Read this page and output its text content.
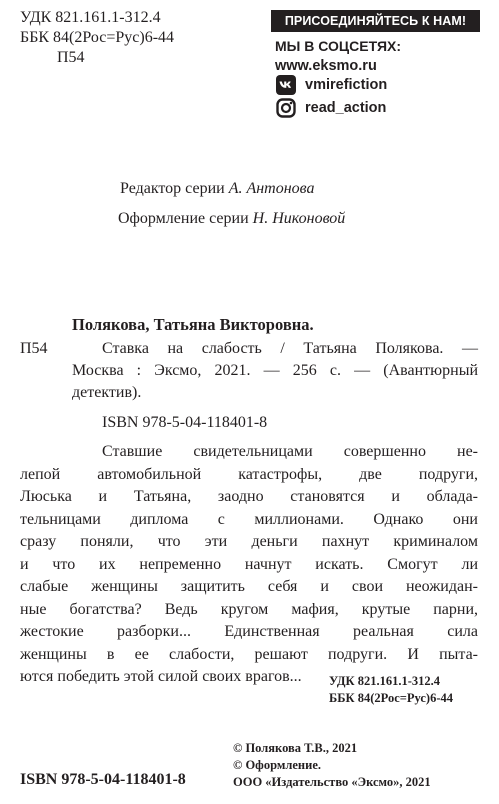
УДК 821.161.1-312.4
ББК 84(2Рос=Рус)6-44
П54
ПРИСОЕДИНЯЙТЕСЬ К НАМ!
МЫ В СОЦСЕТЯХ:
www.eksmo.ru
vmirefiction
read_action
Редактор серии А. Антонова
Оформление серии Н. Никоновой
Полякова, Татьяна Викторовна.
П54	Ставка на слабость / Татьяна Полякова. —
Москва : Эксмо, 2021. — 256 с. — (Авантюрный
детектив).
ISBN 978-5-04-118401-8
Ставшие свидетельницами совершенно не-
лепой автомобильной катастрофы, две подруги,
Люська и Татьяна, заодно становятся и облада-
тельницами диплома с миллионами. Однако они
сразу поняли, что эти деньги пахнут криминалом
и что их непременно начнут искать. Смогут ли
слабые женщины защитить себя и свои неожидан-
ные богатства? Ведь кругом мафия, крутые парни,
жестокие разборки... Единственная реальная сила
женщины в ее слабости, решают подруги. И пыта-
ются победить этой силой своих врагов...	УДК 821.161.1-312.4
ББК 84(2Рос=Рус)6-44
© Полякова Т.В., 2021
© Оформление.
ООО «Издательство «Эксмо», 2021
ISBN 978-5-04-118401-8
